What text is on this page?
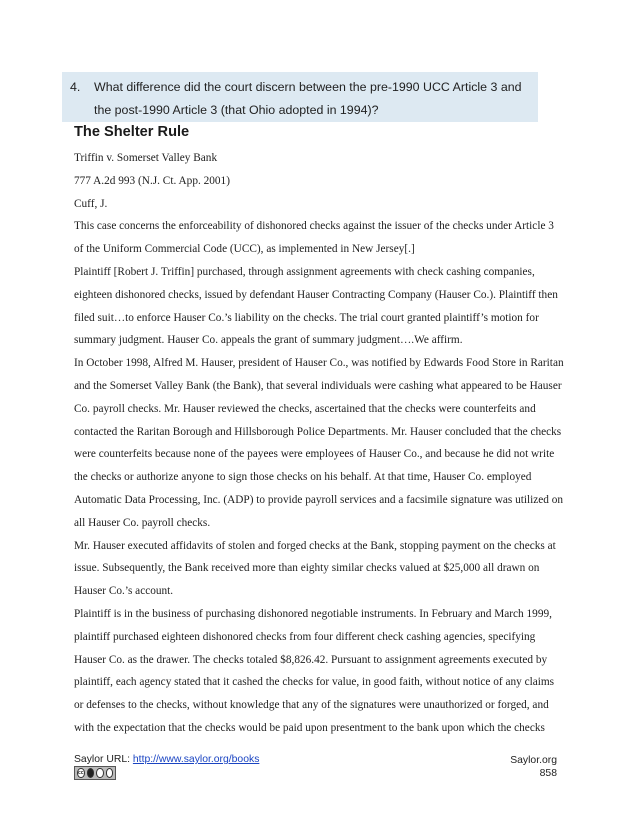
4. What difference did the court discern between the pre-1990 UCC Article 3 and the post-1990 Article 3 (that Ohio adopted in 1994)?
The Shelter Rule

Triffin v. Somerset Valley Bank

777 A.2d 993 (N.J. Ct. App. 2001)

Cuff, J.

This case concerns the enforceability of dishonored checks against the issuer of the checks under Article 3 of the Uniform Commercial Code (UCC), as implemented in New Jersey[.]

Plaintiff [Robert J. Triffin] purchased, through assignment agreements with check cashing companies, eighteen dishonored checks, issued by defendant Hauser Contracting Company (Hauser Co.). Plaintiff then filed suit…to enforce Hauser Co.’s liability on the checks. The trial court granted plaintiff’s motion for summary judgment. Hauser Co. appeals the grant of summary judgment….We affirm.

In October 1998, Alfred M. Hauser, president of Hauser Co., was notified by Edwards Food Store in Raritan and the Somerset Valley Bank (the Bank), that several individuals were cashing what appeared to be Hauser Co. payroll checks. Mr. Hauser reviewed the checks, ascertained that the checks were counterfeits and contacted the Raritan Borough and Hillsborough Police Departments. Mr. Hauser concluded that the checks were counterfeits because none of the payees were employees of Hauser Co., and because he did not write the checks or authorize anyone to sign those checks on his behalf. At that time, Hauser Co. employed Automatic Data Processing, Inc. (ADP) to provide payroll services and a facsimile signature was utilized on all Hauser Co. payroll checks.

Mr. Hauser executed affidavits of stolen and forged checks at the Bank, stopping payment on the checks at issue. Subsequently, the Bank received more than eighty similar checks valued at $25,000 all drawn on Hauser Co.’s account.

Plaintiff is in the business of purchasing dishonored negotiable instruments. In February and March 1999, plaintiff purchased eighteen dishonored checks from four different check cashing agencies, specifying Hauser Co. as the drawer. The checks totaled $8,826.42. Pursuant to assignment agreements executed by plaintiff, each agency stated that it cashed the checks for value, in good faith, without notice of any claims or defenses to the checks, without knowledge that any of the signatures were unauthorized or forged, and with the expectation that the checks would be paid upon presentment to the bank upon which the checks

Saylor URL: http://www.saylor.org/books
cc
Saylor.org
858
